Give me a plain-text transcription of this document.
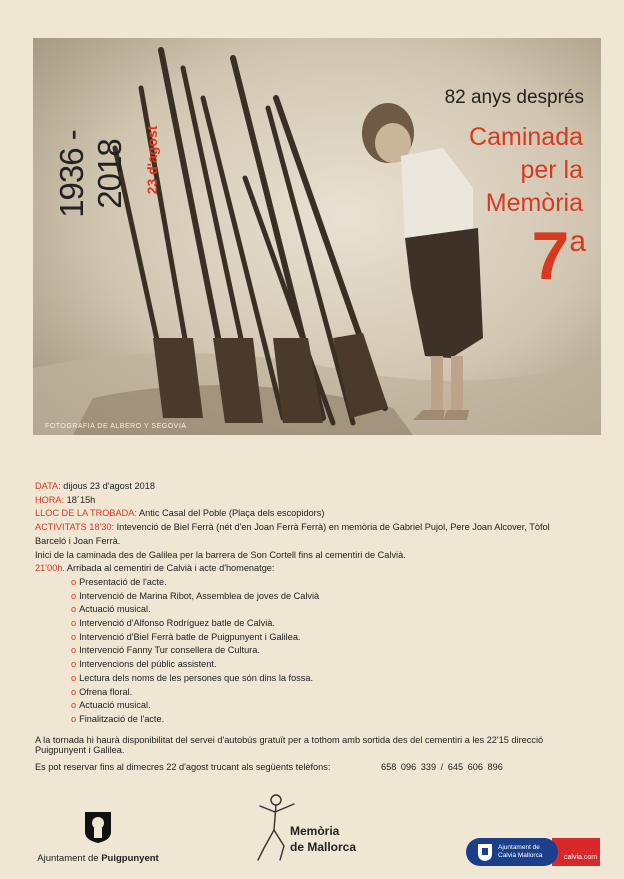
1936 - 2018 23 d'agost
82 anys després
Caminada
per la
Memòria
7a
FOTOGRAFIA DE ALBERO Y SEGOVIA
DATA: dijous 23 d'agost 2018
HORA: 18´15h
LLOC DE LA TROBADA: Antic Casal del Poble (Plaça dels escopidors)
ACTIVITATS 18'30: Intevenció de Biel Ferrà (nét d'en Joan Ferrà Ferrà) en memòria de Gabriel Pujol, Pere Joan Alcover, Tòfol
Barceló i Joan Ferrà.
Inici de la caminada des de Galilea per la barrera de Son Cortell fins al cementiri de Calvià.
21'00h. Arribada al cementiri de Calvià i acte d'homenatge:
o Presentació de l'acte.
o Intervenció de Marina Ribot, Assemblea de joves de Calvià
o Actuació musical.
o Intervenció d'Alfonso Rodríguez batle de Calvià.
o Intervenció d'Biel Ferrà batle de Puigpunyent i Galilea.
o Intervenció Fanny Tur consellera de Cultura.
o Intervencions del públic assistent.
o Lectura dels noms de les persones que són dins la fossa.
o Ofrena floral.
o Actuació musical.
o Finalització de l'acte.
A la tornada hi haurà disponibilitat del servei d'autobús gratuït per a tothom amb sortida des del cementiri a les 22'15 direcció Puigpunyent i Galilea.
Es pot reservar fins al dimecres 22 d'agost trucant als següents telèfons:	658 096 339 / 645 606 896
Ajuntament de Puigpunyent
Memòria
de Mallorca
calvia.com
Ajuntament de
Calvià Mallorca
